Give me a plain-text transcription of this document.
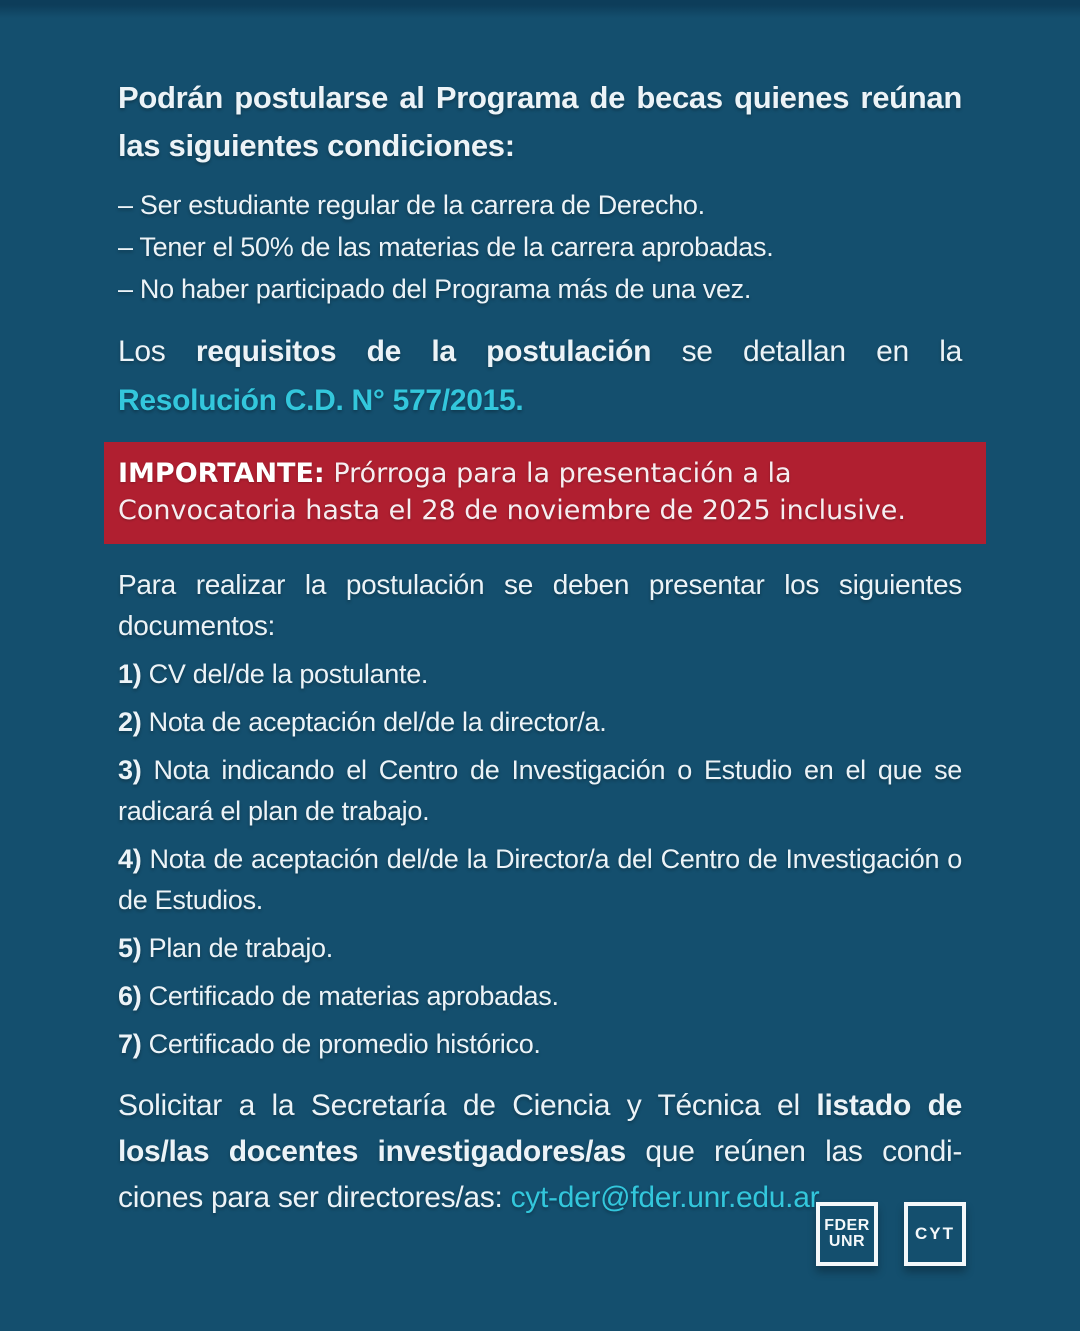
Podrán postularse al Programa de becas quienes reúnan
las siguientes condiciones:
– Ser estudiante regular de la carrera de Derecho.
– Tener el 50% de las materias de la carrera aprobadas.
– No haber participado del Programa más de una vez.
Los requisitos de la postulación se detallan en la
Resolución C.D. N° 577/2015.
IMPORTANTE: Prórroga para la presentación a la
Convocatoria hasta el 28 de noviembre de 2025 inclusive.
Para realizar la postulación se deben presentar los siguientes
documentos:
1) CV del/de la postulante.
2) Nota de aceptación del/de la director/a.
3) Nota indicando el Centro de Investigación o Estudio en el que se
radicará el plan de trabajo.
4) Nota de aceptación del/de la Director/a del Centro de Investigación o
de Estudios.
5) Plan de trabajo.
6) Certificado de materias aprobadas.
7) Certificado de promedio histórico.
Solicitar a la Secretaría de Ciencia y Técnica el listado de
los/las docentes investigadores/as que reúnen las condi-
ciones para ser directores/as: cyt-der@fder.unr.edu.ar
FDER
UNR	CYT
